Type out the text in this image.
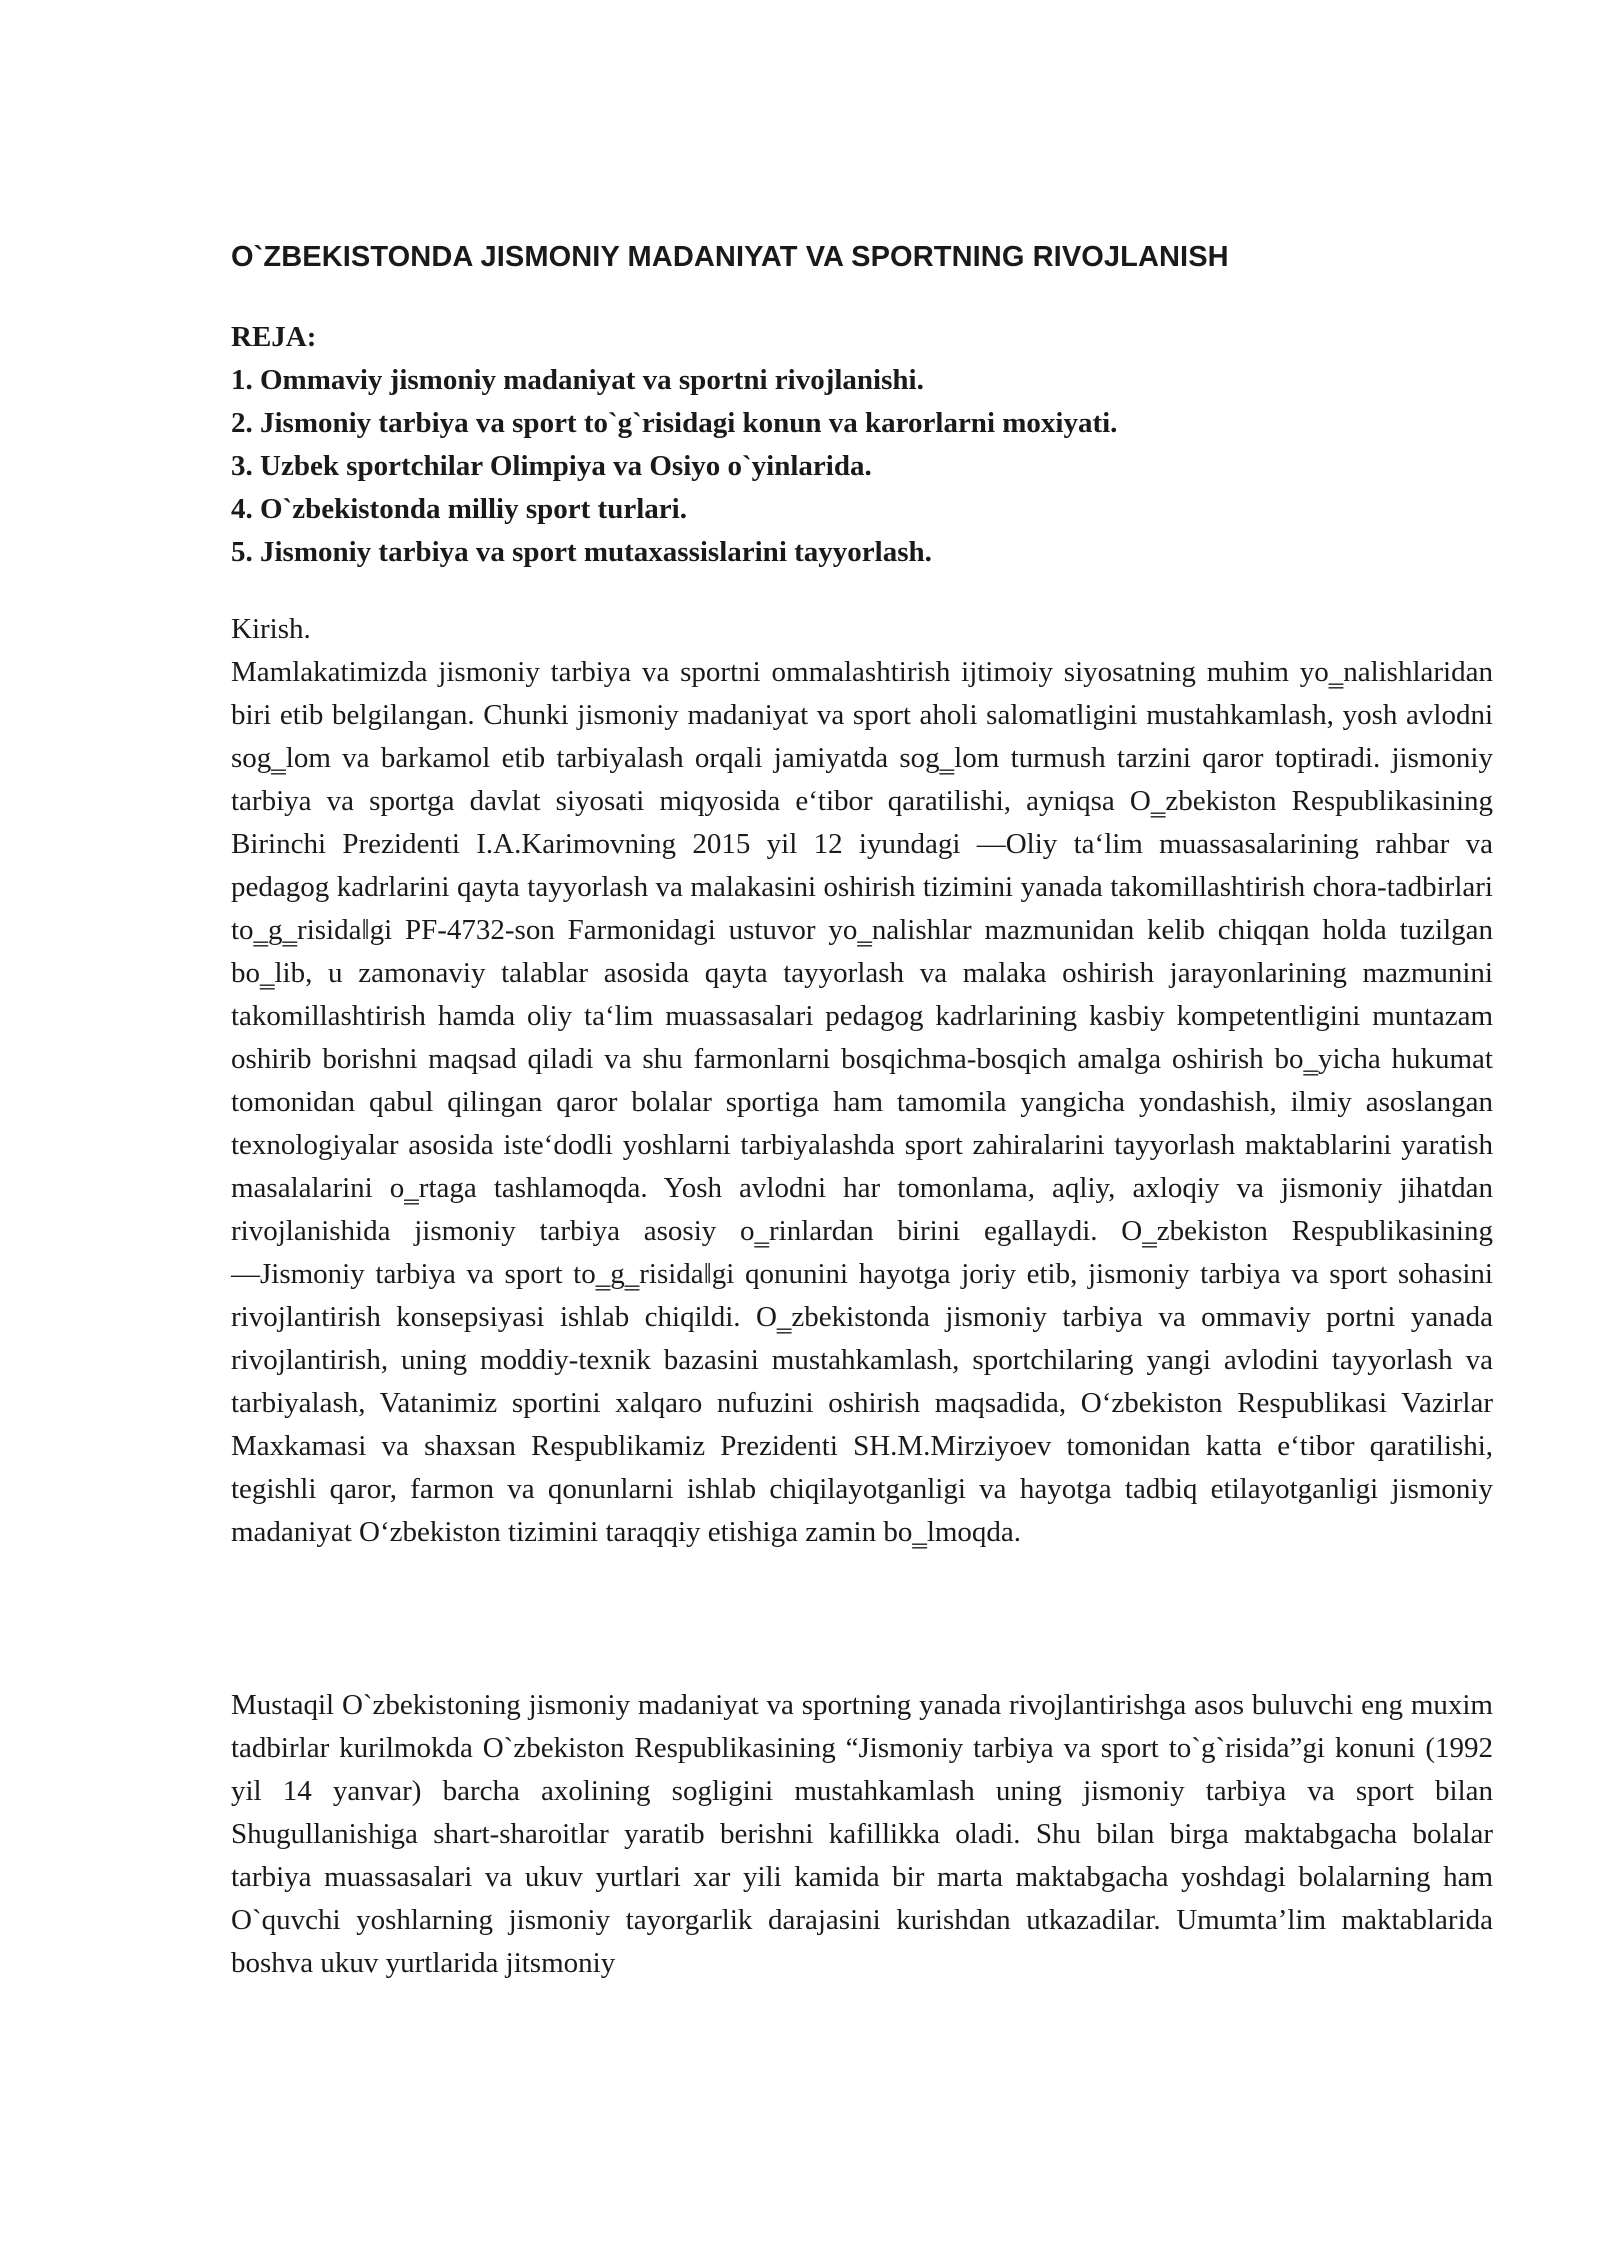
O`ZBEKISTONDA JISMONIY MADANIYAT VA SPORTNING RIVOJLANISH

REJA:

1. Ommaviy jismoniy madaniyat va sportni rivojlanishi.
2. Jismoniy tarbiya va sport to`g`risidagi konun va karorlarni moxiyati.
3. Uzbek sportchilar Olimpiya va Osiyo o`yinlarida.
4. O`zbekistonda milliy sport turlari.
5. Jismoniy tarbiya va sport mutaxassislarini tayyorlash.

Kirish.

Mamlakatimizda jismoniy tarbiya va sportni ommalashtirish ijtimoiy siyosatning muhim yo‗nalishlaridan biri etib belgilangan. Chunki jismoniy madaniyat va sport aholi salomatligini mustahkamlash, yosh avlodni sog‗lom va barkamol etib tarbiyalash orqali jamiyatda sog‗lom turmush tarzini qaror toptiradi. jismoniy tarbiya va sportga davlat siyosati miqyosida e‘tibor qaratilishi, ayniqsa O‗zbekiston Respublikasining Birinchi Prezidenti I.A.Karimovning 2015 yil 12 iyundagi ―Oliy ta‘lim muassasalarining rahbar va pedagog kadrlarini qayta tayyorlash va malakasini oshirish tizimini yanada takomillashtirish chora-tadbirlari to‗g‗risida‖gi PF-4732-son Farmonidagi ustuvor yo‗nalishlar mazmunidan kelib chiqqan holda tuzilgan bo‗lib, u zamonaviy talablar asosida qayta tayyorlash va malaka oshirish jarayonlarining mazmunini takomillashtirish hamda oliy ta‘lim muassasalari pedagog kadrlarining kasbiy kompetentligini muntazam oshirib borishni maqsad qiladi va shu farmonlarni bosqichma-bosqich amalga oshirish bo‗yicha hukumat tomonidan qabul qilingan qaror bolalar sportiga ham tamomila yangicha yondashish, ilmiy asoslangan texnologiyalar asosida iste‘dodli yoshlarni tarbiyalashda sport zahiralarini tayyorlash maktablarini yaratish masalalarini o‗rtaga tashlamoqda. Yosh avlodni har tomonlama, aqliy, axloqiy va jismoniy jihatdan rivojlanishida jismoniy tarbiya asosiy o‗rinlardan birini egallaydi. O‗zbekiston Respublikasining ―Jismoniy tarbiya va sport to‗g‗risida‖gi qonunini hayotga joriy etib, jismoniy tarbiya va sport sohasini rivojlantirish konsepsiyasi ishlab chiqildi. O‗zbekistonda jismoniy tarbiya va ommaviy portni yanada rivojlantirish, uning moddiy-texnik bazasini mustahkamlash, sportchilaring yangi avlodini tayyorlash va tarbiyalash, Vatanimiz sportini xalqaro nufuzini oshirish maqsadida, O‘zbekiston Respublikasi Vazirlar Maxkamasi va shaxsan Respublikamiz Prezidenti SH.M.Mirziyoev tomonidan katta e‘tibor qaratilishi, tegishli qaror, farmon va qonunlarni ishlab chiqilayotganligi va hayotga tadbiq etilayotganligi jismoniy madaniyat O‘zbekiston tizimini taraqqiy etishiga zamin bo‗lmoqda.

Mustaqil O`zbekistoning jismoniy madaniyat va sportning yanada rivojlantirishga asos buluvchi eng muxim tadbirlar kurilmokda O`zbekiston Respublikasining “Jismoniy tarbiya va sport to`g`risida”gi konuni (1992 yil 14 yanvar) barcha axolining sogligini mustahkamlash uning jismoniy tarbiya va sport bilan Shugullanishiga shart-sharoitlar yaratib berishni kafillikka oladi. Shu bilan birga maktabgacha bolalar tarbiya muassasalari va ukuv yurtlari xar yili kamida bir marta maktabgacha yoshdagi bolalarning ham O`quvchi yoshlarning jismoniy tayorgarlik darajasini kurishdan utkazadilar. Umumta’lim maktablarida boshva ukuv yurtlarida jitsmoniy
